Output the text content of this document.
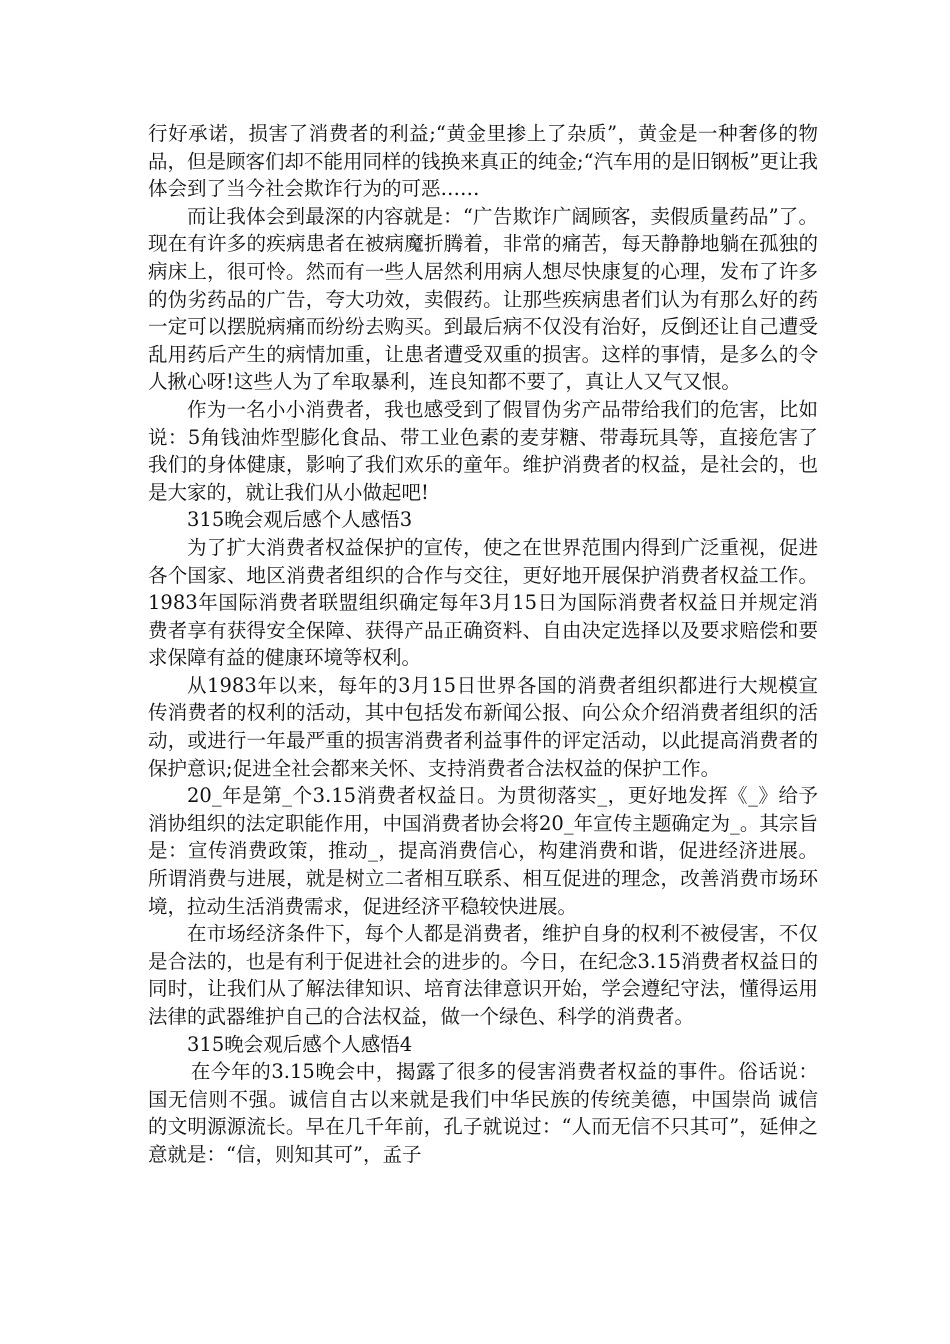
行好承诺，损害了消费者的利益;“黄金里掺上了杂质”，黄金是一种奢侈的物品，但是顾客们却不能用同样的钱换来真正的纯金;“汽车用的是旧钢板”更让我体会到了当今社会欺诈行为的可恶……

而让我体会到最深的内容就是：“广告欺诈广阔顾客，卖假质量药品”了。现在有许多的疾病患者在被病魔折腾着，非常的痛苦，每天静静地躺在孤独的病床上，很可怜。然而有一些人居然利用病人想尽快康复的心理，发布了许多的伪劣药品的广告，夸大功效，卖假药。让那些疾病患者们认为有那么好的药一定可以摆脱病痛而纷纷去购买。到最后病不仅没有治好，反倒还让自己遭受乱用药后产生的病情加重，让患者遭受双重的损害。这样的事情，是多么的令人揪心呀!这些人为了牟取暴利，连良知都不要了，真让人又气又恨。

作为一名小小消费者，我也感受到了假冒伪劣产品带给我们的危害，比如说：5角钱油炸型膨化食品、带工业色素的麦芽糖、带毒玩具等，直接危害了我们的身体健康，影响了我们欢乐的童年。维护消费者的权益，是社会的，也是大家的，就让我们从小做起吧!

315晚会观后感个人感悟3

为了扩大消费者权益保护的宣传，使之在世界范围内得到广泛重视，促进各个国家、地区消费者组织的合作与交往，更好地开展保护消费者权益工作。1983年国际消费者联盟组织确定每年3月15日为国际消费者权益日并规定消费者享有获得安全保障、获得产品正确资料、自由决定选择以及要求赔偿和要求保障有益的健康环境等权利。

从1983年以来，每年的3月15日世界各国的消费者组织都进行大规模宣传消费者的权利的活动，其中包括发布新闻公报、向公众介绍消费者组织的活动，或进行一年最严重的损害消费者利益事件的评定活动，以此提高消费者的保护意识;促进全社会都来关怀、支持消费者合法权益的保护工作。

20_年是第_个3.15消费者权益日。为贯彻落实_，更好地发挥《_》给予消协组织的法定职能作用，中国消费者协会将20_年宣传主题确定为_。其宗旨是：宣传消费政策，推动_，提高消费信心，构建消费和谐，促进经济进展。所谓消费与进展，就是树立二者相互联系、相互促进的理念，改善消费市场环境，拉动生活消费需求，促进经济平稳较快进展。

在市场经济条件下，每个人都是消费者，维护自身的权利不被侵害，不仅是合法的，也是有利于促进社会的进步的。今日，在纪念3.15消费者权益日的同时，让我们从了解法律知识、培育法律意识开始，学会遵纪守法，懂得运用法律的武器维护自己的合法权益，做一个绿色、科学的消费者。

315晚会观后感个人感悟4

在今年的3.15晚会中，揭露了很多的侵害消费者权益的事件。俗话说：国无信则不强。诚信自古以来就是我们中华民族的传统美德，中国崇尚 诚信 的文明源源流长。早在几千年前，孔子就说过：“人而无信不只其可”，延伸之意就是：“信，则知其可”，孟子
